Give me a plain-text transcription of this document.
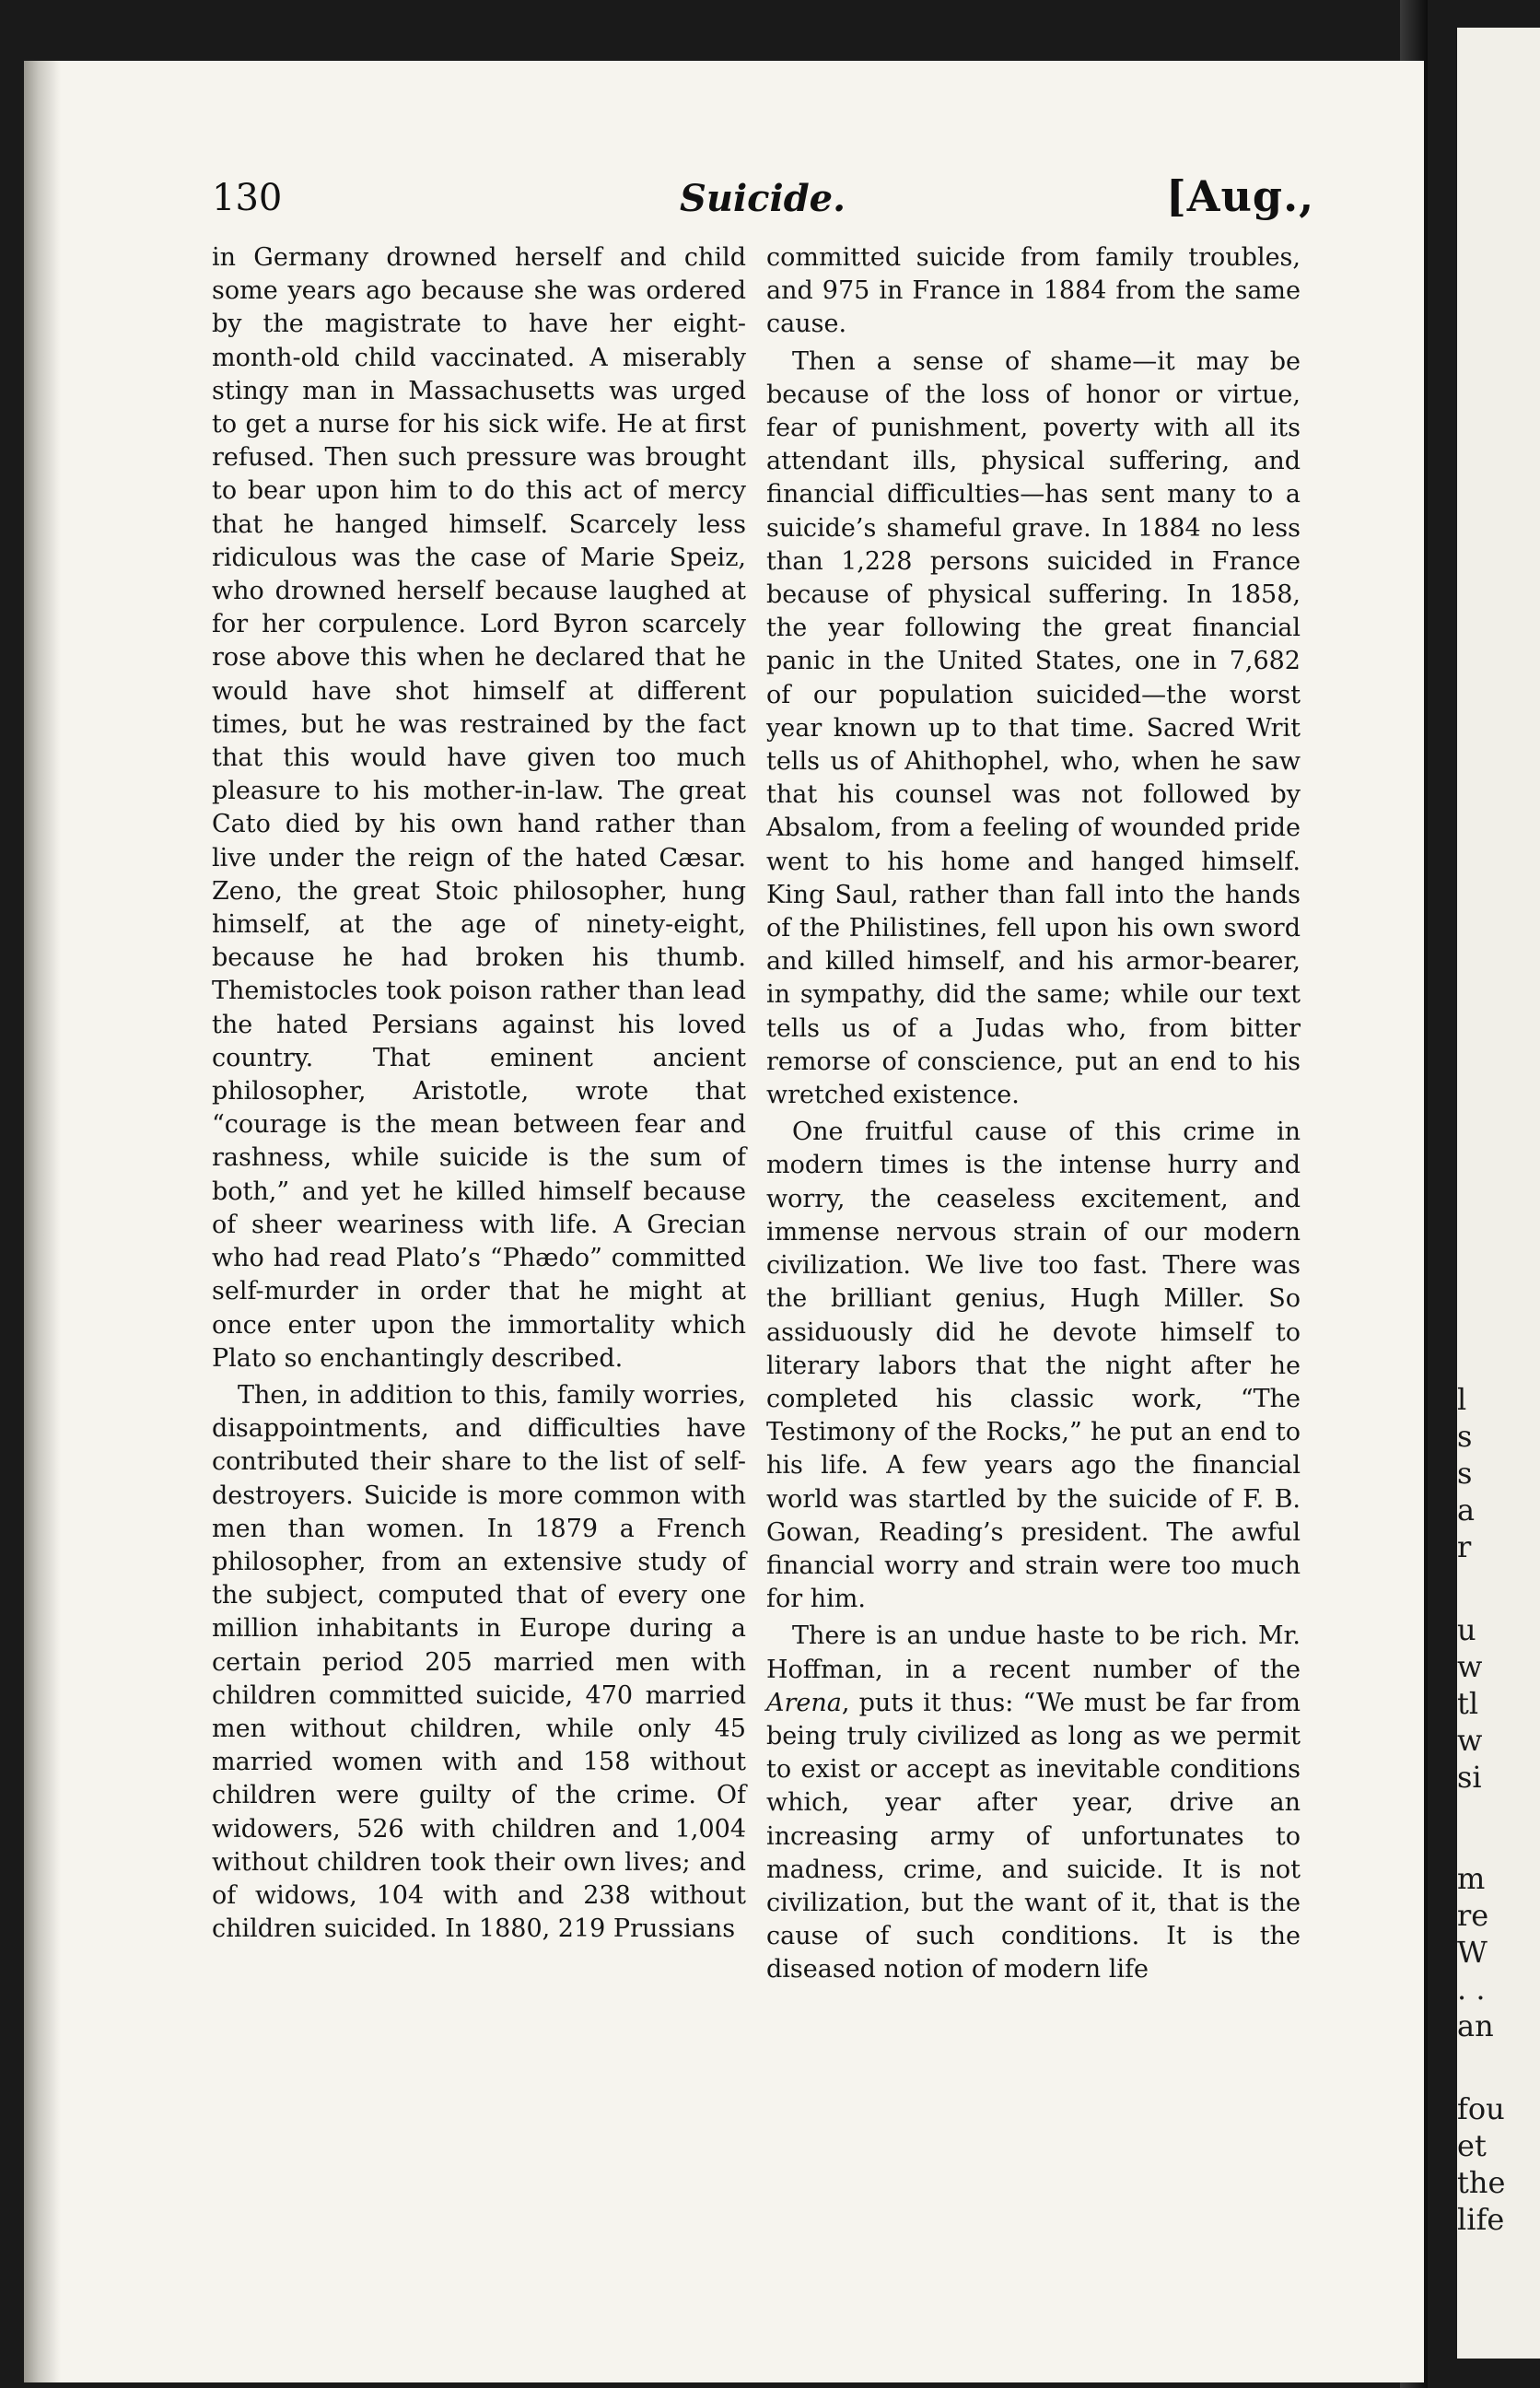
l
s
s
a
r
u
w
tl
w
si
m
re
W
. .
an
fou
et
the
life
130	Suicide.	[Aug.,

in Germany drowned herself and child some years ago because she was ordered by the magistrate to have her eight-month-old child vaccinated. A miserably stingy man in Massachusetts was urged to get a nurse for his sick wife. He at first refused. Then such pressure was brought to bear upon him to do this act of mercy that he hanged himself. Scarcely less ridiculous was the case of Marie Speiz, who drowned herself because laughed at for her corpulence. Lord Byron scarcely rose above this when he declared that he would have shot himself at different times, but he was restrained by the fact that this would have given too much pleasure to his mother-in-law. The great Cato died by his own hand rather than live under the reign of the hated Cæsar. Zeno, the great Stoic philosopher, hung himself, at the age of ninety-eight, because he had broken his thumb. Themistocles took poison rather than lead the hated Persians against his loved country. That eminent ancient philosopher, Aristotle, wrote that “courage is the mean between fear and rashness, while suicide is the sum of both,” and yet he killed himself because of sheer weariness with life. A Grecian who had read Plato’s “Phædo” committed self-murder in order that he might at once enter upon the immortality which Plato so enchantingly described.

Then, in addition to this, family worries, disappointments, and difficulties have contributed their share to the list of self-destroyers. Suicide is more common with men than women. In 1879 a French philosopher, from an extensive study of the subject, computed that of every one million inhabitants in Europe during a certain period 205 married men with children committed suicide, 470 married men without children, while only 45 married women with and 158 without children were guilty of the crime. Of widowers, 526 with children and 1,004 without children took their own lives; and of widows, 104 with and 238 without children suicided. In 1880, 219 Prussians

committed suicide from family troubles, and 975 in France in 1884 from the same cause.

Then a sense of shame—it may be because of the loss of honor or virtue, fear of punishment, poverty with all its attendant ills, physical suffering, and financial difficulties—has sent many to a suicide’s shameful grave. In 1884 no less than 1,228 persons suicided in France because of physical suffering. In 1858, the year following the great financial panic in the United States, one in 7,682 of our population suicided—the worst year known up to that time. Sacred Writ tells us of Ahithophel, who, when he saw that his counsel was not followed by Absalom, from a feeling of wounded pride went to his home and hanged himself. King Saul, rather than fall into the hands of the Philistines, fell upon his own sword and killed himself, and his armor-bearer, in sympathy, did the same; while our text tells us of a Judas who, from bitter remorse of conscience, put an end to his wretched existence.

One fruitful cause of this crime in modern times is the intense hurry and worry, the ceaseless excitement, and immense nervous strain of our modern civilization. We live too fast. There was the brilliant genius, Hugh Miller. So assiduously did he devote himself to literary labors that the night after he completed his classic work, “The Testimony of the Rocks,” he put an end to his life. A few years ago the financial world was startled by the suicide of F. B. Gowan, Reading’s president. The awful financial worry and strain were too much for him.

There is an undue haste to be rich. Mr. Hoffman, in a recent number of the Arena, puts it thus: “We must be far from being truly civilized as long as we permit to exist or accept as inevitable conditions which, year after year, drive an increasing army of unfortunates to madness, crime, and suicide. It is not civilization, but the want of it, that is the cause of such conditions. It is the diseased notion of modern life
